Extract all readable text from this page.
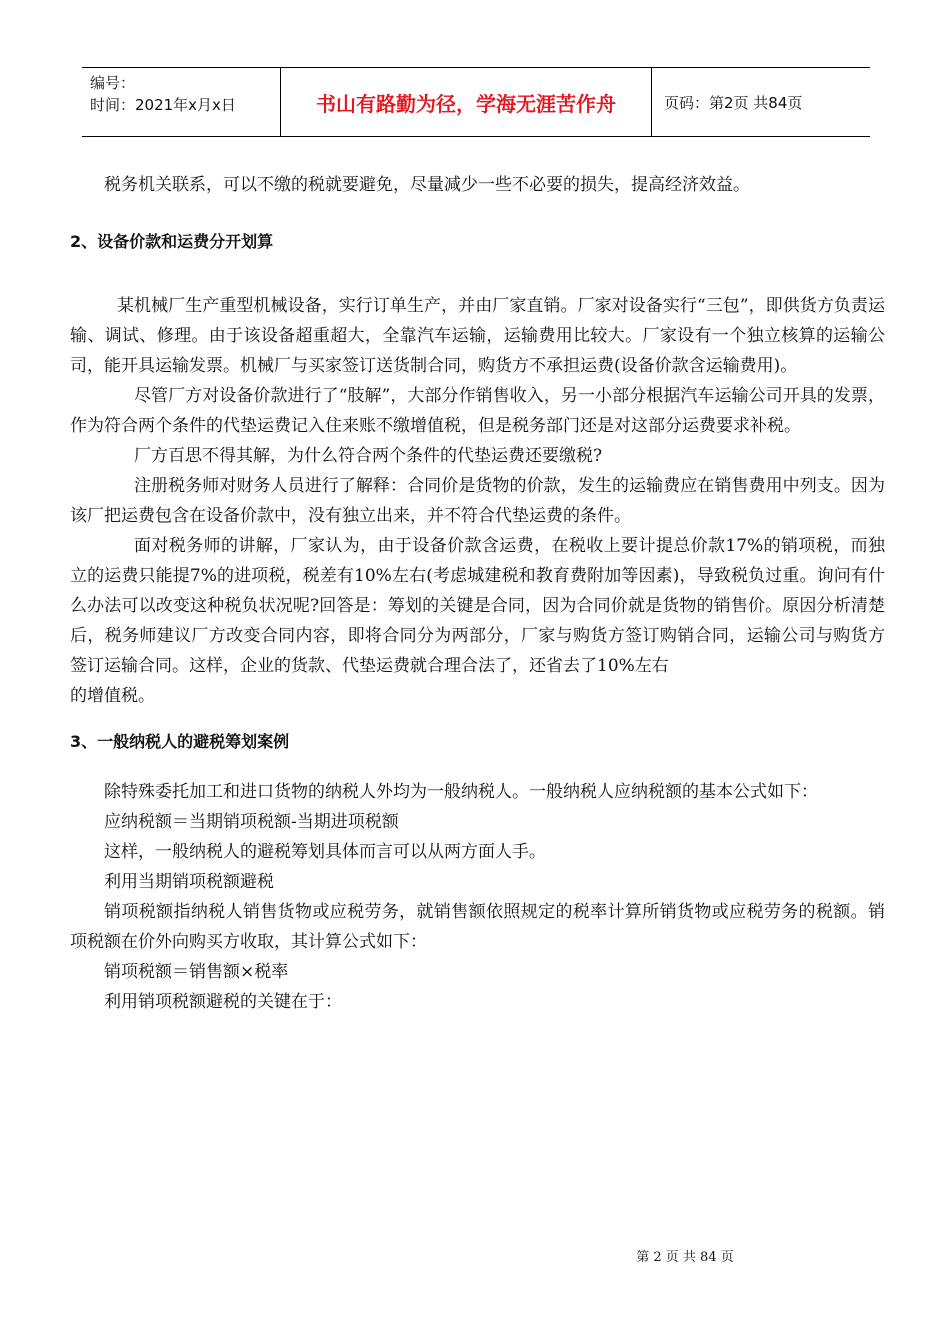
编号：
时间：2021年x月x日	书山有路勤为径，学海无涯苦作舟	页码：第2页 共84页

税务机关联系，可以不缴的税就要避免，尽量减少一些不必要的损失，提高经济效益。

2、设备价款和运费分开划算

某机械厂生产重型机械设备，实行订单生产，并由厂家直销。厂家对设备实行“三包”，即供货方负责运输、调试、修理。由于该设备超重超大，全靠汽车运输，运输费用比较大。厂家设有一个独立核算的运输公司，能开具运输发票。机械厂与买家签订送货制合同，购货方不承担运费(设备价款含运输费用)。

尽管厂方对设备价款进行了“肢解”，大部分作销售收入，另一小部分根据汽车运输公司开具的发票，作为符合两个条件的代垫运费记入住来账不缴增值税，但是税务部门还是对这部分运费要求补税。

厂方百思不得其解，为什么符合两个条件的代垫运费还要缴税?

注册税务师对财务人员进行了解释：合同价是货物的价款，发生的运输费应在销售费用中列支。因为该厂把运费包含在设备价款中，没有独立出来，并不符合代垫运费的条件。

面对税务师的讲解，厂家认为，由于设备价款含运费，在税收上要计提总价款17%的销项税，而独立的运费只能提7%的进项税，税差有10%左右(考虑城建税和教育费附加等因素)，导致税负过重。询问有什么办法可以改变这种税负状况呢?回答是：筹划的关键是合同，因为合同价就是货物的销售价。原因分析清楚后，税务师建议厂方改变合同内容，即将合同分为两部分，厂家与购货方签订购销合同，运输公司与购货方签订运输合同。这样，企业的货款、代垫运费就合理合法了，还省去了10%左右

的增值税。

3、一般纳税人的避税筹划案例

除特殊委托加工和进口货物的纳税人外均为一般纳税人。一般纳税人应纳税额的基本公式如下：

应纳税额＝当期销项税额-当期进项税额

这样，一般纳税人的避税筹划具体而言可以从两方面人手。

利用当期销项税额避税

销项税额指纳税人销售货物或应税劳务，就销售额依照规定的税率计算所销货物或应税劳务的税额。销项税额在价外向购买方收取，其计算公式如下：

销项税额＝销售额×税率

利用销项税额避税的关键在于：

第 2 页 共 84 页
